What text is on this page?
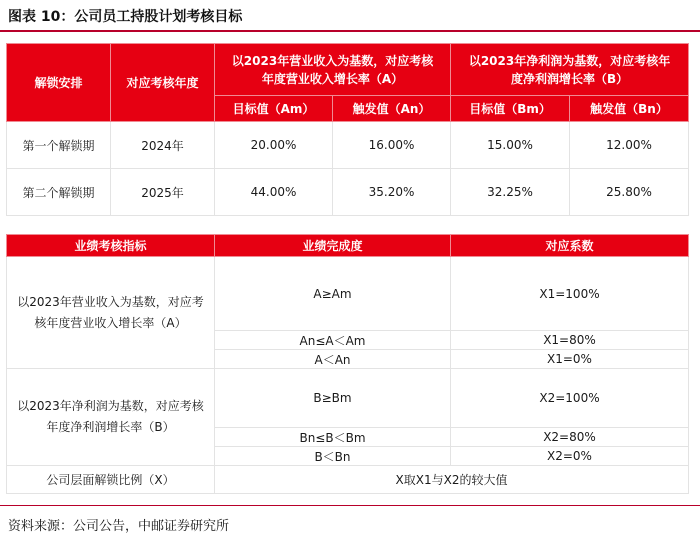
图表 10：公司员工持股计划考核目标
解锁安排	对应考核年度	以2023年营业收入为基数，对应考核年度营业收入增长率（A）		以2023年净利润为基数，对应考核年度净利润增长率（B）	
		目标值（Am）	触发值（An）	目标值（Bm）	触发值（Bn）
第一个解锁期	2024年	20.00%	16.00%	15.00%	12.00%
第二个解锁期	2025年	44.00%	35.20%	32.25%	25.80%
业绩考核指标	业绩完成度	对应系数

以2023年营业收入为基数，对应考核年度营业收入增长率（A）	A≥Am	X1=100%
	An≤A＜Am	X1=80%
	A＜An	X1=0%

以2023年净利润为基数，对应考核年度净利润增长率（B）	B≥Bm	X2=100%
	Bn≤B＜Bm	X2=80%
	B＜Bn	X2=0%
公司层面解锁比例（X）	X取X1与X2的较大值	
资料来源：公司公告，中邮证券研究所
